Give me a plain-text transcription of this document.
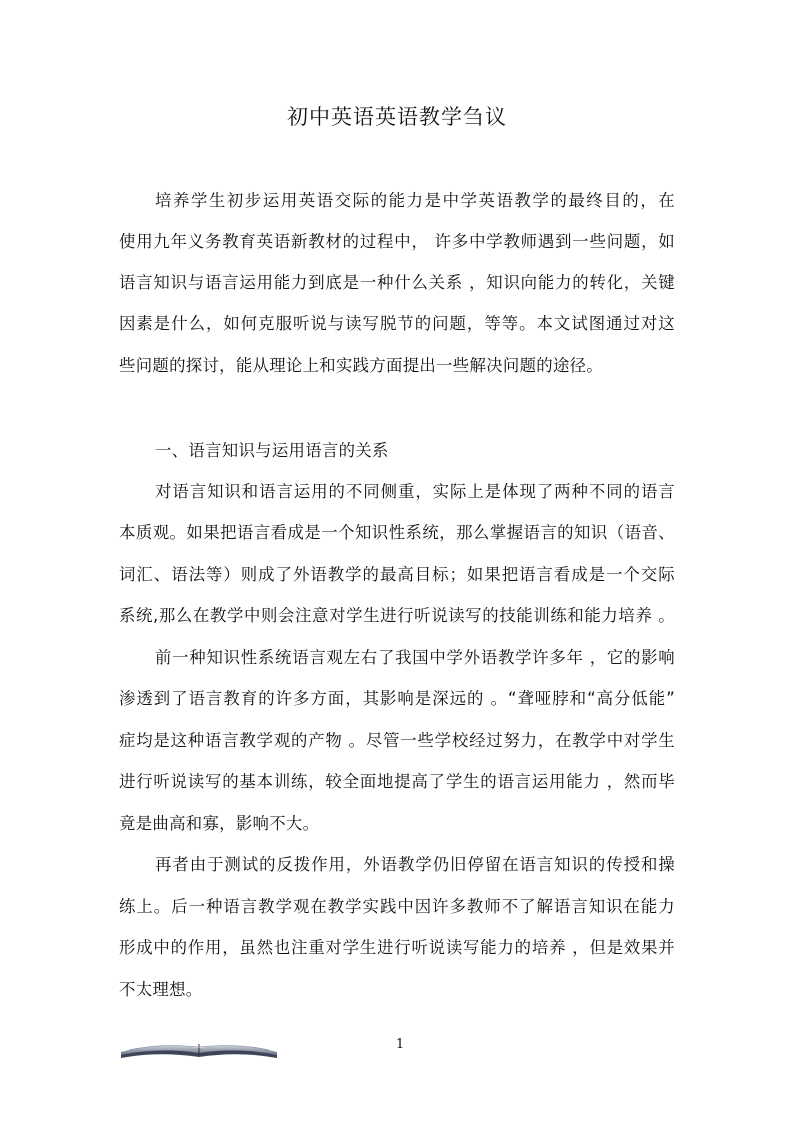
初中英语英语教学刍议
培养学生初步运用英语交际的能力是中学英语教学的最终目的，在
使用九年义务教育英语新教材的过程中， 许多中学教师遇到一些问题，如
语言知识与语言运用能力到底是一种什么关系 ，知识向能力的转化，关键
因素是什么，如何克服听说与读写脱节的问题，等等。本文试图通过对这
些问题的探讨，能从理论上和实践方面提出一些解决问题的途径。
一、语言知识与运用语言的关系
对语言知识和语言运用的不同侧重，实际上是体现了两种不同的语言
本质观。如果把语言看成是一个知识性系统，那么掌握语言的知识（语音、
词汇、语法等）则成了外语教学的最高目标；如果把语言看成是一个交际
系统,那么在教学中则会注意对学生进行听说读写的技能训练和能力培养 。
前一种知识性系统语言观左右了我国中学外语教学许多年 ，它的影响
渗透到了语言教育的许多方面，其影响是深远的 。“聋哑脖和“高分低能”
症均是这种语言教学观的产物 。尽管一些学校经过努力，在教学中对学生
进行听说读写的基本训练，较全面地提高了学生的语言运用能力 ，然而毕
竟是曲高和寡，影响不大。
再者由于测试的反拨作用，外语教学仍旧停留在语言知识的传授和操
练上。后一种语言教学观在教学实践中因许多教师不了解语言知识在能力
形成中的作用，虽然也注重对学生进行听说读写能力的培养 ，但是效果并
不太理想。
1
